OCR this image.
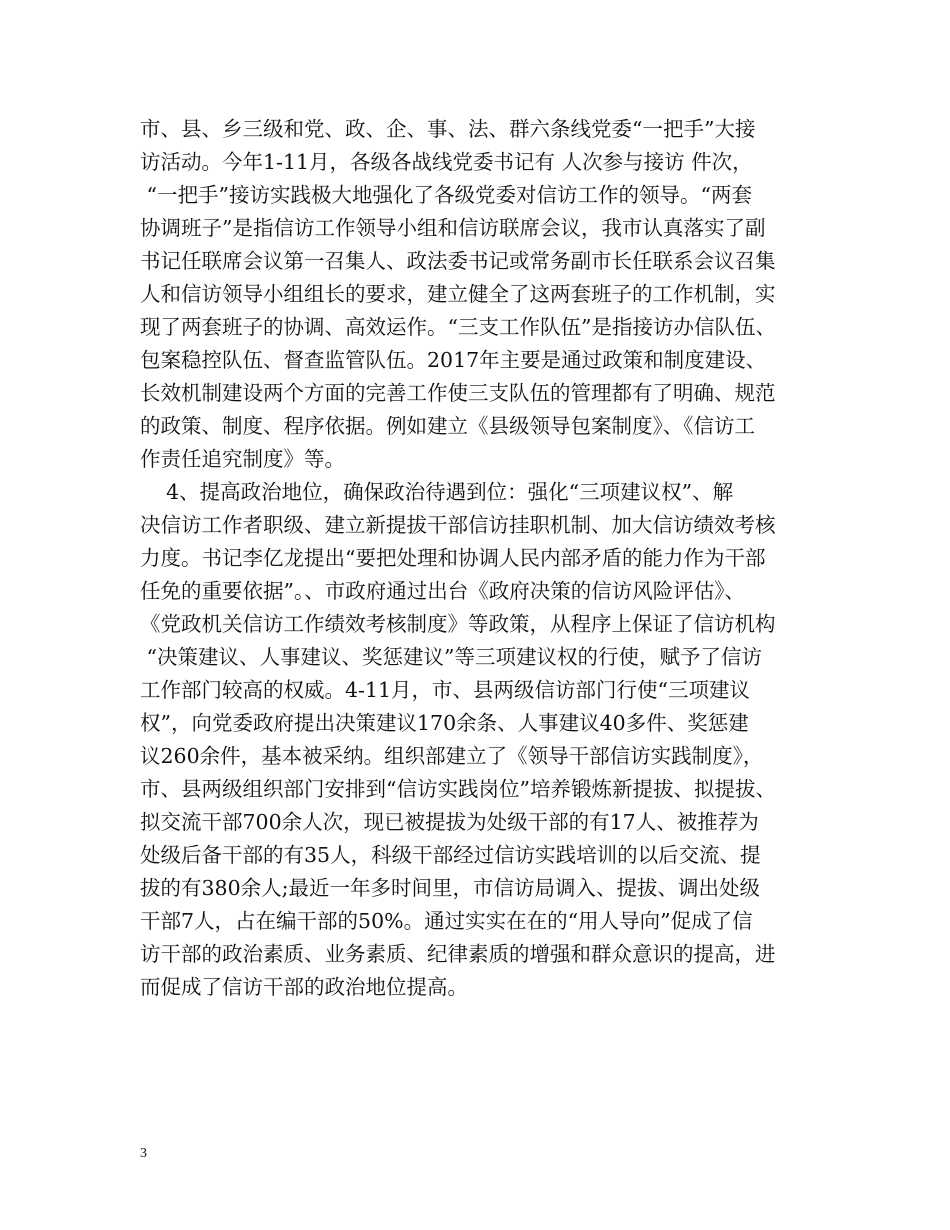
市、县、乡三级和党、政、企、事、法、群六条线党委“一把手”大接
访活动。今年1-11月，各级各战线党委书记有 人次参与接访 件次，
“一把手”接访实践极大地强化了各级党委对信访工作的领导。“两套
协调班子”是指信访工作领导小组和信访联席会议，我市认真落实了副
书记任联席会议第一召集人、政法委书记或常务副市长任联系会议召集
人和信访领导小组组长的要求，建立健全了这两套班子的工作机制，实
现了两套班子的协调、高效运作。“三支工作队伍”是指接访办信队伍、
包案稳控队伍、督查监管队伍。2017年主要是通过政策和制度建设、
长效机制建设两个方面的完善工作使三支队伍的管理都有了明确、规范
的政策、制度、程序依据。例如建立《县级领导包案制度》、《信访工
作责任追究制度》等。
4、提高政治地位，确保政治待遇到位：强化“三项建议权”、解
决信访工作者职级、建立新提拔干部信访挂职机制、加大信访绩效考核
力度。书记李亿龙提出“要把处理和协调人民内部矛盾的能力作为干部
任免的重要依据”。、市政府通过出台《政府决策的信访风险评估》、
《党政机关信访工作绩效考核制度》等政策，从程序上保证了信访机构
“决策建议、人事建议、奖惩建议”等三项建议权的行使，赋予了信访
工作部门较高的权威。4-11月，市、县两级信访部门行使“三项建议
权”，向党委政府提出决策建议170余条、人事建议40多件、奖惩建
议260余件，基本被采纳。组织部建立了《领导干部信访实践制度》，
市、县两级组织部门安排到“信访实践岗位”培养锻炼新提拔、拟提拔、
拟交流干部700余人次，现已被提拔为处级干部的有17人、被推荐为
处级后备干部的有35人，科级干部经过信访实践培训的以后交流、提
拔的有380余人;最近一年多时间里，市信访局调入、提拔、调出处级
干部7人，占在编干部的50%。通过实实在在的“用人导向”促成了信
访干部的政治素质、业务素质、纪律素质的增强和群众意识的提高，进
而促成了信访干部的政治地位提高。
3
